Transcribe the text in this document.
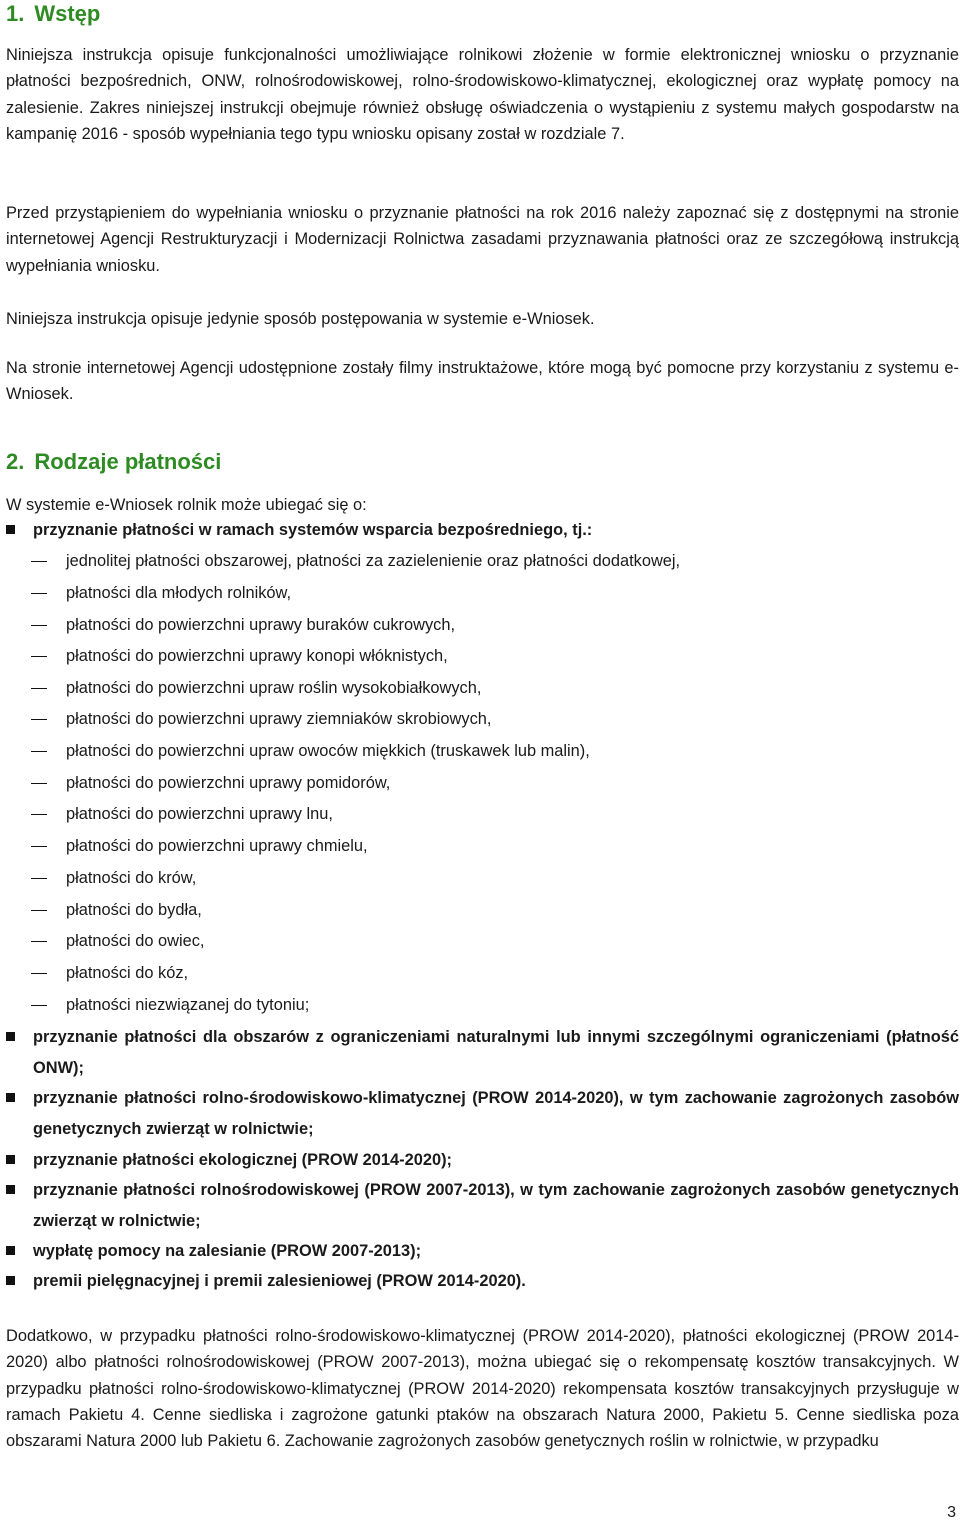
1. Wstęp

Niniejsza instrukcja opisuje funkcjonalności umożliwiające rolnikowi złożenie w formie elektronicznej wniosku o przyznanie płatności bezpośrednich, ONW, rolnośrodowiskowej, rolno-środowiskowo-klimatycznej, ekologicznej oraz wypłatę pomocy na zalesienie. Zakres niniejszej instrukcji obejmuje również obsługę oświadczenia o wystąpieniu z systemu małych gospodarstw na kampanię 2016 - sposób wypełniania tego typu wniosku opisany został w rozdziale 7.

Przed przystąpieniem do wypełniania wniosku o przyznanie płatności na rok 2016 należy zapoznać się z dostępnymi na stronie internetowej Agencji Restrukturyzacji i Modernizacji Rolnictwa zasadami przyznawania płatności oraz ze szczegółową instrukcją wypełniania wniosku.

Niniejsza instrukcja opisuje jedynie sposób postępowania w systemie e-Wniosek.

Na stronie internetowej Agencji udostępnione zostały filmy instruktażowe, które mogą być pomocne przy korzystaniu z systemu e-Wniosek.

2. Rodzaje płatności

W systemie e-Wniosek rolnik może ubiegać się o:

przyznanie płatności w ramach systemów wsparcia bezpośredniego, tj.:
jednolitej płatności obszarowej, płatności za zazielenienie oraz płatności dodatkowej,
płatności dla młodych rolników,
płatności do powierzchni uprawy buraków cukrowych,
płatności do powierzchni uprawy konopi włóknistych,
płatności do powierzchni upraw roślin wysokobiałkowych,
płatności do powierzchni uprawy ziemniaków skrobiowych,
płatności do powierzchni upraw owoców miękkich (truskawek lub malin),
płatności do powierzchni uprawy pomidorów,
płatności do powierzchni uprawy lnu,
płatności do powierzchni uprawy chmielu,
płatności do krów,
płatności do bydła,
płatności do owiec,
płatności do kóz,
płatności niezwiązanej do tytoniu;
przyznanie płatności dla obszarów z ograniczeniami naturalnymi lub innymi szczególnymi ograniczeniami (płatność ONW);
przyznanie płatności rolno-środowiskowo-klimatycznej (PROW 2014-2020), w tym zachowanie zagrożonych zasobów genetycznych zwierząt w rolnictwie;
przyznanie płatności ekologicznej (PROW 2014-2020);
przyznanie płatności rolnośrodowiskowej (PROW 2007-2013), w tym zachowanie zagrożonych zasobów genetycznych zwierząt w rolnictwie;
wypłatę pomocy na zalesianie (PROW 2007-2013);
premii pielęgnacyjnej i premii zalesieniowej (PROW 2014-2020).

Dodatkowo, w przypadku płatności rolno-środowiskowo-klimatycznej (PROW 2014-2020), płatności ekologicznej (PROW 2014-2020) albo płatności rolnośrodowiskowej (PROW 2007-2013), można ubiegać się o rekompensatę kosztów transakcyjnych. W przypadku płatności rolno-środowiskowo-klimatycznej (PROW 2014-2020) rekompensata kosztów transakcyjnych przysługuje w ramach Pakietu 4. Cenne siedliska i zagrożone gatunki ptaków na obszarach Natura 2000, Pakietu 5. Cenne siedliska poza obszarami Natura 2000 lub Pakietu 6. Zachowanie zagrożonych zasobów genetycznych roślin w rolnictwie, w przypadku

3
